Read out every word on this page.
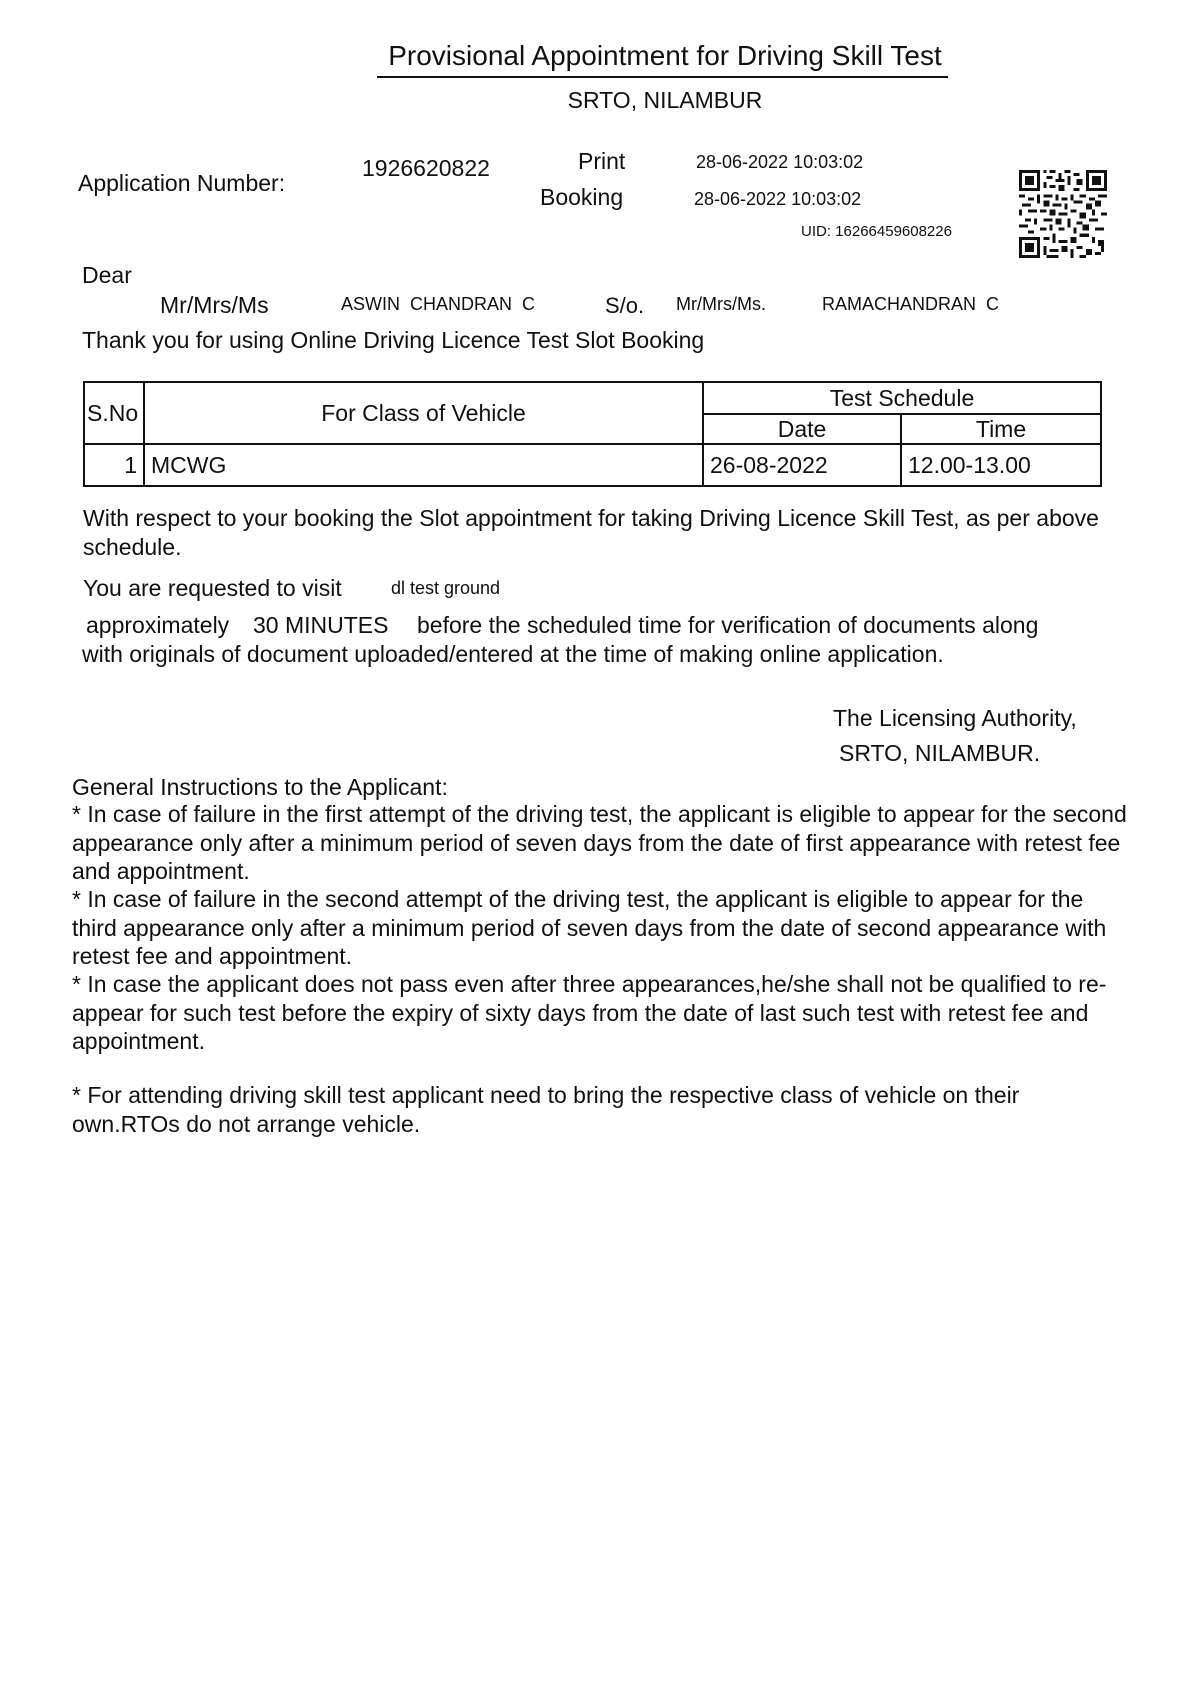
Provisional Appointment for Driving Skill Test
SRTO, NILAMBUR
Application Number:
1926620822	Print	28-06-2022 10:03:02
Booking	28-06-2022 10:03:02
UID: 16266459608226
Dear
Mr/Mrs/Ms	ASWIN  CHANDRAN  C	S/o. Mr/Mrs/Ms.	RAMACHANDRAN  C
Thank you for using Online Driving Licence Test Slot Booking
S.No	For Class of Vehicle	Test Schedule	
		Date	Time
1	MCWG	26-08-2022	12.00-13.00
With respect to your booking the Slot appointment for taking Driving Licence Skill Test, as per above schedule.
You are requested to visit	dl test ground
approximately 30 MINUTES before the scheduled time for verification of documents along
with originals of document uploaded/entered at the time of making online application.
The Licensing Authority,
SRTO, NILAMBUR.
General Instructions to the Applicant:
* In case of failure in the first attempt of the driving test, the applicant is eligible to appear for the second appearance only after a minimum period of seven days from the date of first appearance with retest fee and appointment.
* In case of failure in the second attempt of the driving test, the applicant is eligible to appear for the third appearance only after a minimum period of seven days from the date of second appearance with retest fee and appointment.
* In case the applicant does not pass even after three appearances,he/she shall not be qualified to re-appear for such test before the expiry of sixty days from the date of last such test with retest fee and appointment.
* For attending driving skill test applicant need to bring the respective class of vehicle on their own.RTOs do not arrange vehicle.
